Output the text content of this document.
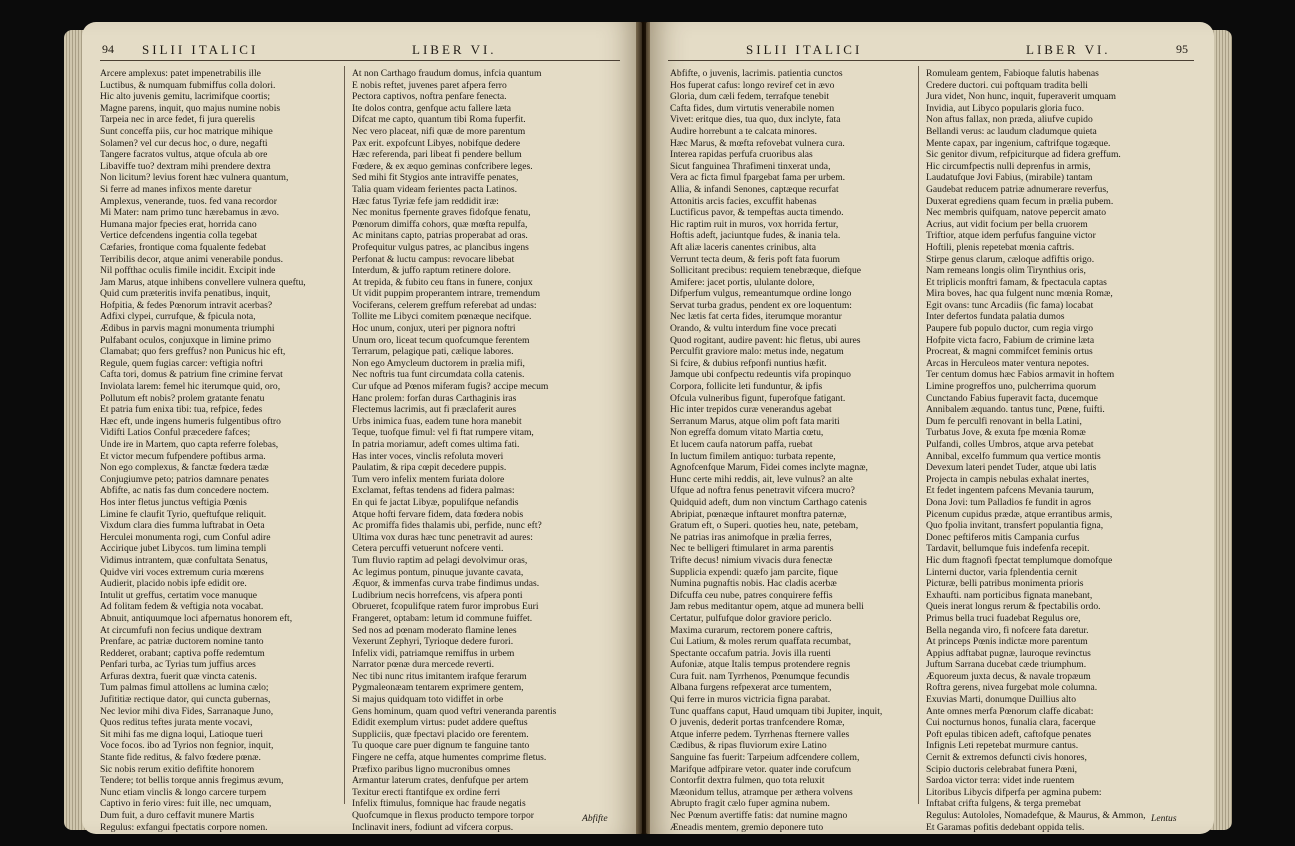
94 SILII ITALICI	LIBER VI.
Arcere amplexus: patet impenetrabilis ille
Luctibus, & numquam fubmiffus colla dolori.
Hic alto juvenis gemitu, lacrimifque coortis;
Magne parens, inquit, quo majus numine nobis
Tarpeia nec in arce fedet, fi jura querelis
Sunt conceffa piis, cur hoc matrique mihique
Solamen? vel cur decus hoc, o dure, negafti
Tangere facratos vultus, atque ofcula ab ore
Libaviffe tuo? dextram mihi prendere dextra
Non licitum? levius forent hæc vulnera quantum,
Si ferre ad manes infixos mente daretur
Amplexus, venerande, tuos. fed vana recordor
Mi Mater: nam primo tunc hærebamus in ævo.
Humana major fpecies erat, horrida cano
Vertice defcendens ingentia colla tegebat
Cæfaries, frontique coma fqualente fedebat
Terribilis decor, atque animi venerabile pondus.
Nil poffthac oculis fimile incidit. Excipit inde
Jam Marus, atque inhibens convellere vulnera queftu,
Quid cum præteritis invifa penatibus, inquit,
Hofpitia, & fedes Pœnorum intravit acerbas?
Adfixi clypei, currufque, & fpicula nota,
Ædibus in parvis magni monumenta triumphi
Pulfabant oculos, conjuxque in limine primo
Clamabat; quo fers greffus? non Punicus hic eft,
Regule, quem fugias carcer: veftigia noftri
Cafta tori, domus & patrium fine crimine fervat
Inviolata larem: femel hic iterumque quid, oro,
Pollutum eft nobis? prolem gratante fenatu
Et patria fum enixa tibi: tua, refpice, fedes
Hæc eft, unde ingens humeris fulgentibus oftro
Vidifti Latios Conful præcedere fafces;
Unde ire in Martem, quo capta referre folebas,
Et victor mecum fufpendere poftibus arma.
Non ego complexus, & fanctæ fœdera tædæ
Conjugiumve peto; patrios damnare penates
Abfifte, ac natis fas dum concedere noctem.
Hos inter fletus junctus veftigia Pœnis
Limine fe claufit Tyrio, queftufque reliquit.
Vixdum clara dies fumma luftrabat in Oeta
Herculei monumenta rogi, cum Conful adire
Accirique jubet Libycos. tum limina templi
Vidimus intrantem, quæ confultata Senatus,
Quidve viri voces extremum curia mœrens
Audierit, placido nobis ipfe edidit ore.
Intulit ut greffus, certatim voce manuque
Ad folitam fedem & veftigia nota vocabat.
Abnuit, antiquumque loci afpernatus honorem eft,
At circumfufi non fecius undique dextram
Prenfare, ac patriæ ductorem nomine tanto
Redderet, orabant; captiva poffe redemtum
Penfari turba, ac Tyrias tum juffius arces
Arfuras dextra, fuerit quæ vincta catenis.
Tum palmas fimul attollens ac lumina cælo;
Jufititiæ rectique dator, qui cuncta gubernas,
Nec levior mihi diva Fides, Sarranaque Juno,
Quos reditus teftes jurata mente vocavi,
Sit mihi fas me digna loqui, Latioque tueri
Voce focos. ibo ad Tyrios non fegnior, inquit,
Stante fide reditus, & falvo fœdere pœnæ.
Sic nobis rerum exitio defiftite honorem
Tendere; tot bellis torque annis fregimus ævum,
Nunc etiam vinclis & longo carcere turpem
Captivo in ferio vires: fuit ille, nec umquam,
Dum fuit, a duro ceffavit munere Martis
Regulus: exfangui fpectatis corpore nomen.
At non Carthago fraudum domus, infcia quantum
E nobis reftet, juvenes paret afpera ferro
Pectora captivos, noftra penfare fenecta.
Ite dolos contra, genfque actu fallere læta
Difcat me capto, quantum tibi Roma fuperfit.
Nec vero placeat, nifi quæ de more parentum
Pax erit. expofcunt Libyes, nobifque dedere
Hæc referenda, pari libeat fi pendere bellum
Fœdere, & ex æquo geminas confcribere leges.
Sed mihi fit Stygios ante intraviffe penates,
Talia quam videam ferientes pacta Latinos.
Hæc fatus Tyriæ fefe jam reddidit iræ:
Nec monitus fpernente graves fidofque fenatu,
Pœnorum dimiffa cohors, quæ mœfta repulfa,
Ac minitans capto, patrias properabat ad oras.
Profequitur vulgus patres, ac plancibus ingens
Perfonat & luctu campus: revocare libebat
Interdum, & juffo raptum retinere dolore.
At trepida, & fubito ceu ftans in funere, conjux
Ut vidit puppim properantem intrare, tremendum
Vociferans, celerem greffum referebat ad undas:
Tollite me Libyci comitem pœnæque necifque.
Hoc unum, conjux, uteri per pignora noftri
Unum oro, liceat tecum quofcumque ferentem
Terrarum, pelagique pati, cælique labores.
Non ego Amycleum ductorem in prælia mifi,
Nec noftris tua funt circumdata colla catenis.
Cur ufque ad Pœnos miferam fugis? accipe mecum
Hanc prolem: forfan duras Carthaginis iras
Flectemus lacrimis, aut fi præclaferit aures
Urbs inimica fuas, eadem tune hora manebit
Teque, tuofque fimul: vel fi ftat rumpere vitam,
In patria moriamur, adeft comes ultima fati.
Has inter voces, vinclis refoluta moveri
Paulatim, & ripa cœpit decedere puppis.
Tum vero infelix mentem furiata dolore
Exclamat, feftas tendens ad fidera palmas:
En qui fe jactat Libyæ, populifque nefandis
Atque hofti fervare fidem, data fœdera nobis
Ac promiffa fides thalamis ubi, perfide, nunc eft?
Ultima vox duras hæc tunc penetravit ad aures:
Cetera percuffi vetuerunt nofcere venti.
Tum fluvio raptim ad pelagi devolvimur oras,
Ac legimus pontum, pinuque juvante cavata,
Æquor, & immenfas curva trabe findimus undas.
Ludibrium necis horrefcens, vis afpera ponti
Obrueret, fcopulifque ratem furor improbus Euri
Frangeret, optabam: letum id commune fuiffet.
Sed nos ad pœnam moderato flamine lenes
Vexerunt Zephyri, Tyrioque dedere furori.
Infelix vidi, patriamque remiffus in urbem
Narrator pœnæ dura mercede reverti.
Nec tibi nunc ritus imitantem irafque ferarum
Pygmaleonæam tentarem exprimere gentem,
Si majus quidquam toto vidiffet in orbe
Gens hominum, quam quod veftri veneranda parentis
Edidit exemplum virtus: pudet addere queftus
Suppliciis, quæ fpectavi placido ore ferentem.
Tu quoque care puer dignum te fanguine tanto
Fingere ne ceffa, atque humentes comprime fletus.
Præfixo paribus ligno mucronibus omnes
Armantur laterum crates, denfufque per artem
Texitur erecti ftantifque ex ordine ferri
Infelix ftimulus, fomnique hac fraude negatis
Quofcumque in flexus producto tempore torpor
Inclinavit iners, fodiunt ad vifcera corpus.
Abfifte
SILII ITALICI	LIBER VI.	95
Abfifte, o juvenis, lacrimis. patientia cunctos
Hos fuperat cafus: longo reviref cet in ævo
Gloria, dum cæli fedem, terrafque tenebit
Cafta fides, dum virtutis venerabile nomen
Vivet: eritque dies, tua quo, dux inclyte, fata
Audire horrebunt a te calcata minores.
Hæc Marus, & mœfta refovebat vulnera cura.
Interea rapidas perfufa cruoribus alas
Sicut fanguinea Thrafimeni tinxerat unda,
Vera ac ficta fimul fpargebat fama per urbem.
Allia, & infandi Senones, captæque recurfat
Attonitis arcis facies, excuffit habenas
Luctificus pavor, & tempeftas aucta timendo.
Hic raptim ruit in muros, vox horrida fertur,
Hoftis adeft, jaciuntque fudes, & inania tela.
Aft aliæ laceris canentes crinibus, alta
Verrunt tecta deum, & feris poft fata fuorum
Sollicitant precibus: requiem tenebræque, diefque
Amifere: jacet portis, ululante dolore,
Difperfum vulgus, remeantumque ordine longo
Servat turba gradus, pendent ex ore loquentum:
Nec lætis fat certa fides, iterumque morantur
Orando, & vultu interdum fine voce precati
Quod rogitant, audire pavent: hic fletus, ubi aures
Perculfit graviore malo: metus inde, negatum
Si fcire, & dubius refponfi nuntius hæfit.
Jamque ubi confpectu redeuntis vifa propinquo
Corpora, follicite leti funduntur, & ipfis
Ofcula vulneribus figunt, fuperofque fatigant.
Hic inter trepidos curæ venerandus agebat
Serranum Marus, atque olim poft fata mariti
Non egreffa domum vitato Martia cœtu,
Et lucem caufa natorum paffa, ruebat
In luctum fimilem antiquo: turbata repente,
Agnofcenfque Marum, Fidei comes inclyte magnæ,
Hunc certe mihi reddis, ait, leve vulnus? an alte
Ufque ad noftra fenus penetravit vifcera mucro?
Quidquid adeft, dum non vinctum Carthago catenis
Abripiat, pœnæque inftauret monftra paternæ,
Gratum eft, o Superi. quoties heu, nate, petebam,
Ne patrias iras animofque in prælia ferres,
Nec te belligeri ftimularet in arma parentis
Trifte decus! nimium vivacis dura fenectæ
Supplicia expendi: quæfo jam parcite, fique
Numina pugnaftis nobis. Hac cladis acerbæ
Difcuffa ceu nube, patres conquirere feffis
Jam rebus meditantur opem, atque ad munera belli
Certatur, pulfufque dolor graviore periclo.
Maxima curarum, rectorem ponere caftris,
Cui Latium, & moles rerum quaffata recumbat,
Spectante occafum patria. Jovis illa ruenti
Aufoniæ, atque Italis tempus protendere regnis
Cura fuit. nam Tyrrhenos, Pœnumque fecundis
Albana furgens refpexerat arce tumentem,
Qui ferre in muros victricia figna parabat.
Tunc quaffans caput, Haud umquam tibi Jupiter, inquit,
O juvenis, dederit portas tranfcendere Romæ,
Atque inferre pedem. Tyrrhenas fternere valles
Cædibus, & ripas fluviorum exire Latino
Sanguine fas fuerit: Tarpeium adfcendere collem,
Marifque adfpirare vetor. quater inde corufcum
Contorfit dextra fulmen, quo tota reluxit
Mæonidum tellus, atramque per æthera volvens
Abrupto fragit cælo fuper agmina nubem.
Nec Pœnum avertiffe fatis: dat numine magno
Æneadis mentem, gremio deponere tuto
Romuleam gentem, Fabioque falutis habenas
Credere ductori. cui poftquam tradita belli
Jura videt, Non hunc, inquit, fuperaverit umquam
Invidia, aut Libyco popularis gloria fuco.
Non aftus fallax, non præda, aliufve cupido
Bellandi verus: ac laudum cladumque quieta
Mente capax, par ingenium, caftrifque togæque.
Sic genitor divum, refpiciturque ad fidera greffum.
Hic circumfpectis nulli deprenfus in armis,
Laudatufque Jovi Fabius, (mirabile) tantam
Gaudebat reducem patriæ adnumerare reverfus,
Duxerat egrediens quam fecum in prælia pubem.
Nec membris quifquam, natove pepercit amato
Acrius, aut vidit focium per bella cruorem
Triftior, atque idem perfufus fanguine victor
Hoftili, plenis repetebat mœnia caftris.
Stirpe genus clarum, cæloque adfiftis origo.
Nam remeans longis olim Tirynthius oris,
Et triplicis monftri famam, & fpectacula captas
Mira boves, hac qua fulgent nunc mœnia Romæ,
Egit ovans: tunc Arcadiis (fic fama) locabat
Inter defertos fundata palatia dumos
Paupere fub populo ductor, cum regia virgo
Hofpite victa facro, Fabium de crimine læta
Procreat, & magni commifcet feminis ortus
Arcas in Herculeos mater ventura nepotes.
Ter centum domus hæc Fabios armavit in hoftem
Limine progreffos uno, pulcherrima quorum
Cunctando Fabius fuperavit facta, ducemque
Annibalem æquando. tantus tunc, Pœne, fuifti.
Dum fe perculfi renovant in bella Latini,
Turbatus Jove, & exuta fpe mœnia Romæ
Pulfandi, colles Umbros, atque arva petebat
Annibal, excelfo fummum qua vertice montis
Devexum lateri pendet Tuder, atque ubi latis
Projecta in campis nebulas exhalat inertes,
Et fedet ingentem pafcens Mevania taurum,
Dona Jovi: tum Palladios fe fundit in agros
Picenum cupidus prædæ, atque errantibus armis,
Quo fpolia invitant, transfert populantia figna,
Donec peftiferos mitis Campania curfus
Tardavit, bellumque fuis indefenfa recepit.
Hic dum ftagnofi fpectat templumque domofque
Linterni ductor, varia fplendentia cernit
Picturæ, belli patribus monimenta prioris
Exhaufti. nam porticibus fignata manebant,
Queis inerat longus rerum & fpectabilis ordo.
Primus bella truci fuadebat Regulus ore,
Bella neganda viro, fi nofcere fata daretur.
At princeps Pœnis indictæ more parentum
Appius adftabat pugnæ, lauroque revinctus
Juftum Sarrana ducebat cæde triumphum.
Æquoreum juxta decus, & navale tropæum
Roftra gerens, nivea furgebat mole columna.
Exuvias Marti, donumque Duillius alto
Ante omnes merfa Pœnorum claffe dicabat:
Cui nocturnus honos, funalia clara, facerque
Poft epulas tibicen adeft, caftofque penates
Infignis Leti repetebat murmure cantus.
Cernit & extremos defuncti civis honores,
Scipio ductoris celebrabat funera Pœni,
Sardoa victor terra: videt inde ruentem
Litoribus Libycis difperfa per agmina pubem:
Inftabat crifta fulgens, & terga premebat
Regulus: Autololes, Nomadefque, & Maurus, & Ammon,
Et Garamas pofitis dedebant oppida telis.
Lentus
